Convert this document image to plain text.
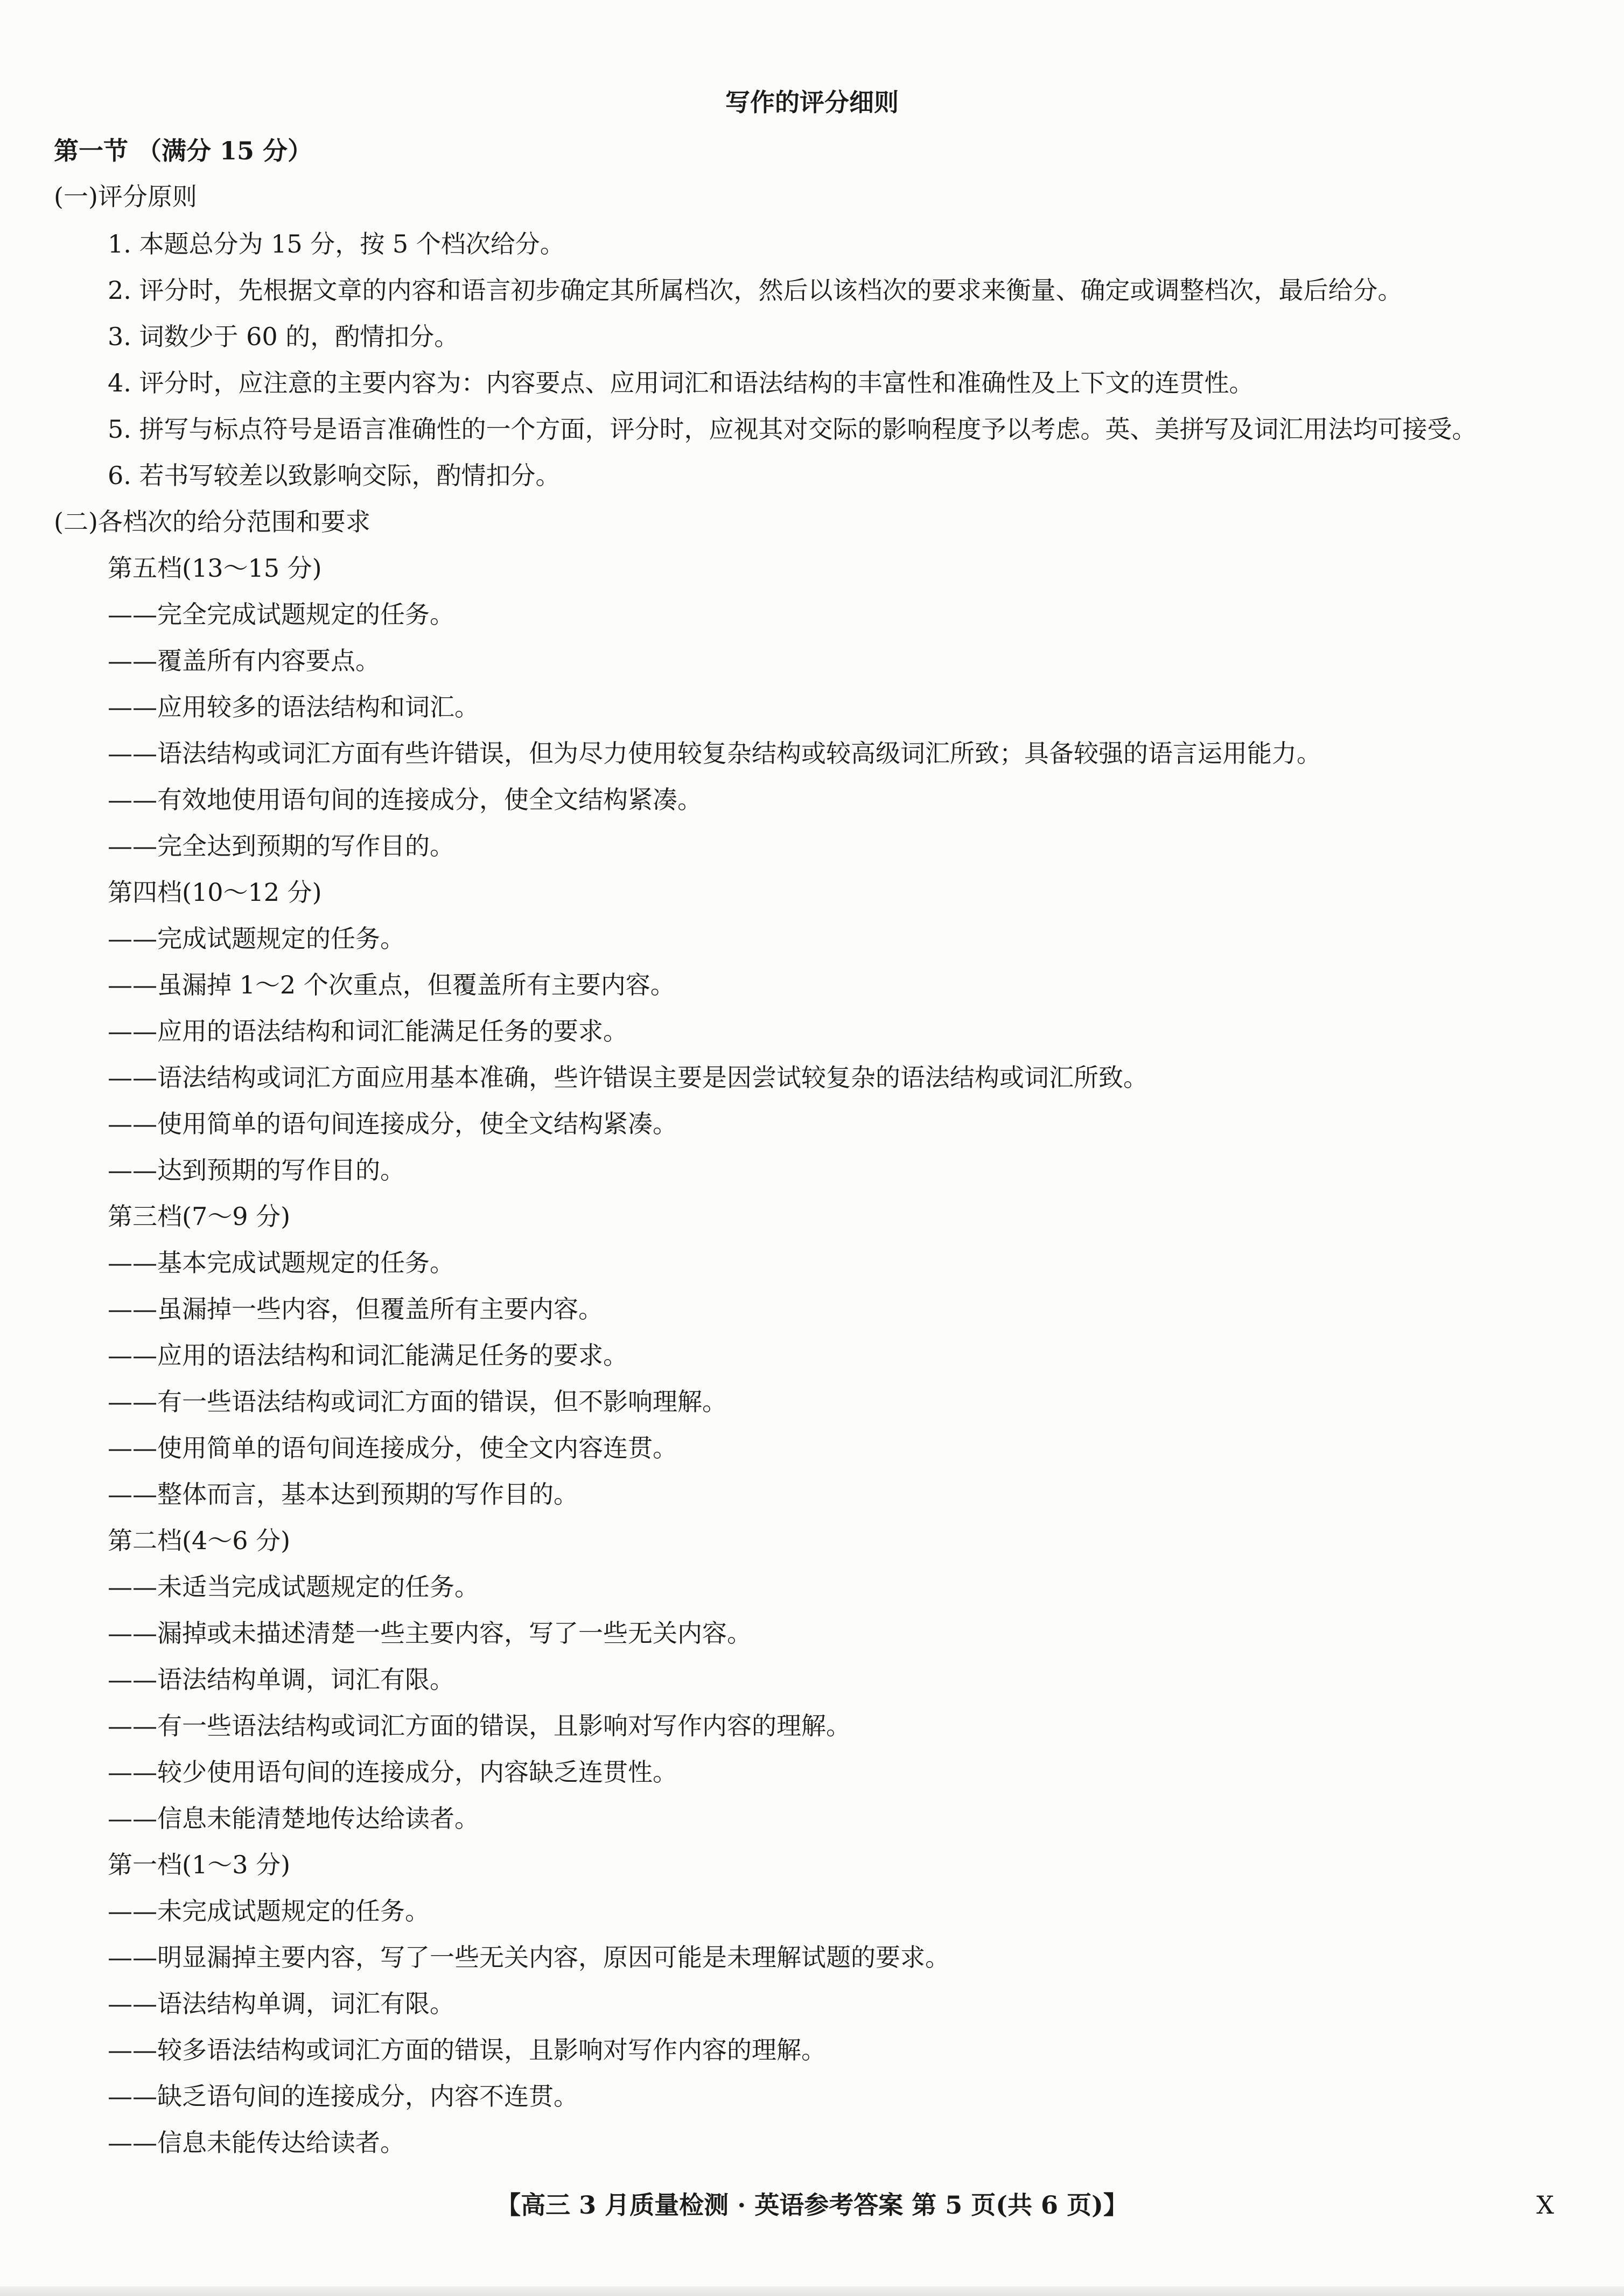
写作的评分细则
第一节 （满分 15 分）
(一)评分原则
1. 本题总分为 15 分，按 5 个档次给分。
2. 评分时，先根据文章的内容和语言初步确定其所属档次，然后以该档次的要求来衡量、确定或调整档次，最后给分。
3. 词数少于 60 的，酌情扣分。
4. 评分时，应注意的主要内容为：内容要点、应用词汇和语法结构的丰富性和准确性及上下文的连贯性。
5. 拼写与标点符号是语言准确性的一个方面，评分时，应视其对交际的影响程度予以考虑。英、美拼写及词汇用法均可接受。
6. 若书写较差以致影响交际，酌情扣分。
(二)各档次的给分范围和要求
第五档(13～15 分)
——完全完成试题规定的任务。
——覆盖所有内容要点。
——应用较多的语法结构和词汇。
——语法结构或词汇方面有些许错误，但为尽力使用较复杂结构或较高级词汇所致；具备较强的语言运用能力。
——有效地使用语句间的连接成分，使全文结构紧凑。
——完全达到预期的写作目的。
第四档(10～12 分)
——完成试题规定的任务。
——虽漏掉 1～2 个次重点，但覆盖所有主要内容。
——应用的语法结构和词汇能满足任务的要求。
——语法结构或词汇方面应用基本准确，些许错误主要是因尝试较复杂的语法结构或词汇所致。
——使用简单的语句间连接成分，使全文结构紧凑。
——达到预期的写作目的。
第三档(7～9 分)
——基本完成试题规定的任务。
——虽漏掉一些内容，但覆盖所有主要内容。
——应用的语法结构和词汇能满足任务的要求。
——有一些语法结构或词汇方面的错误，但不影响理解。
——使用简单的语句间连接成分，使全文内容连贯。
——整体而言，基本达到预期的写作目的。
第二档(4～6 分)
——未适当完成试题规定的任务。
——漏掉或未描述清楚一些主要内容，写了一些无关内容。
——语法结构单调，词汇有限。
——有一些语法结构或词汇方面的错误，且影响对写作内容的理解。
——较少使用语句间的连接成分，内容缺乏连贯性。
——信息未能清楚地传达给读者。
第一档(1～3 分)
——未完成试题规定的任务。
——明显漏掉主要内容，写了一些无关内容，原因可能是未理解试题的要求。
——语法结构单调，词汇有限。
——较多语法结构或词汇方面的错误，且影响对写作内容的理解。
——缺乏语句间的连接成分，内容不连贯。
——信息未能传达给读者。
【高三 3 月质量检测 · 英语参考答案 第 5 页(共 6 页)】	X
